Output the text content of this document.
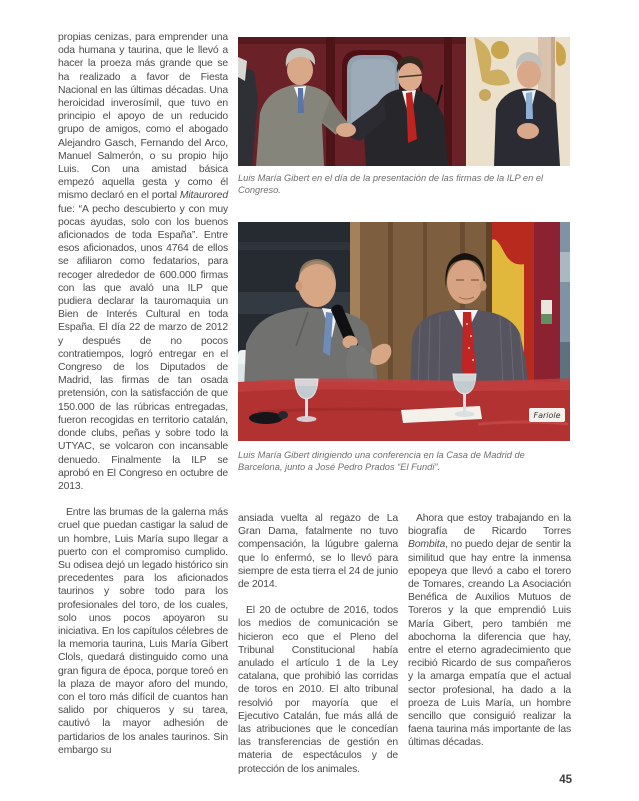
propias cenizas, para emprender una oda humana y taurina, que le llevó a hacer la proeza más grande que se ha realizado a favor de Fiesta Nacional en las últimas décadas. Una heroicidad inverosímil, que tuvo en principio el apoyo de un reducido grupo de amigos, como el abogado Alejandro Gasch, Fernando del Arco, Manuel Salmerón, o su propio hijo Luis. Con una amistad básica empezó aquella gesta y como él mismo declaró en el portal Mitaurored fue: “A pecho descubierto y con muy pocas ayudas, solo con los buenos aficionados de toda España”. Entre esos aficionados, unos 4764 de ellos se afiliaron como fedatarios, para recoger alrededor de 600.000 firmas con las que avaló una ILP que pudiera declarar la tauromaquia un Bien de Interés Cultural en toda España. El día 22 de marzo de 2012 y después de no pocos contratiempos, logró entregar en el Congreso de los Diputados de Madrid, las firmas de tan osada pretensión, con la satisfacción de que 150.000 de las rúbricas entregadas, fueron recogidas en territorio catalán, donde clubs, peñas y sobre todo la UTYAC, se volcaron con incansable denuedo. Finalmente la ILP se aprobó en El Congreso en octubre de 2013.

Entre las brumas de la galerna más cruel que puedan castigar la salud de un hombre, Luis María supo llegar a puerto con el compromiso cumplido. Su odisea dejó un legado histórico sin precedentes para los aficionados taurinos y sobre todo para los profesionales del toro, de los cuales, solo unos pocos apoyaron su iniciativa. En los capítulos célebres de la memoria taurina, Luis María Gibert Clols, quedará distinguido como una gran figura de época, porque toreó en la plaza de mayor aforo del mundo, con el toro más difícil de cuantos han salido por chiqueros y su tarea, cautivó la mayor adhesión de partidarios de los anales taurinos. Sin embargo su

Luis María Gibert en el día de la presentación de las firmas de la ILP en el Congreso.
Fariole
Luis María Gibert dirigiendo una conferencia en la Casa de Madrid de Barcelona, junto a José Pedro Prados “El Fundi”.

ansiada vuelta al regazo de La Gran Dama, fatalmente no tuvo compensación, la lúgubre galerna que lo enfermó, se lo llevó para siempre de esta tierra el 24 de junio de 2014.

El 20 de octubre de 2016, todos los medios de comunicación se hicieron eco que el Pleno del Tribunal Constitucional había anulado el artículo 1 de la Ley catalana, que prohibió las corridas de toros en 2010. El alto tribunal resolvió por mayoría que el Ejecutivo Catalán, fue más allá de las atribuciones que le concedían las transferencias de gestión en materia de espectáculos y de protección de los animales.

Ahora que estoy trabajando en la biografía de Ricardo Torres Bombita, no puedo dejar de sentir la similitud que hay entre la inmensa epopeya que llevó a cabo el torero de Tomares, creando La Asociación Benéfica de Auxilios Mutuos de Toreros y la que emprendió Luis María Gibert, pero también me abochorna la diferencia que hay, entre el eterno agradecimiento que recibió Ricardo de sus compañeros y la amarga empatía que el actual sector profesional, ha dado a la proeza de Luis María, un hombre sencillo que consiguió realizar la faena taurina más importante de las últimas décadas.

45
